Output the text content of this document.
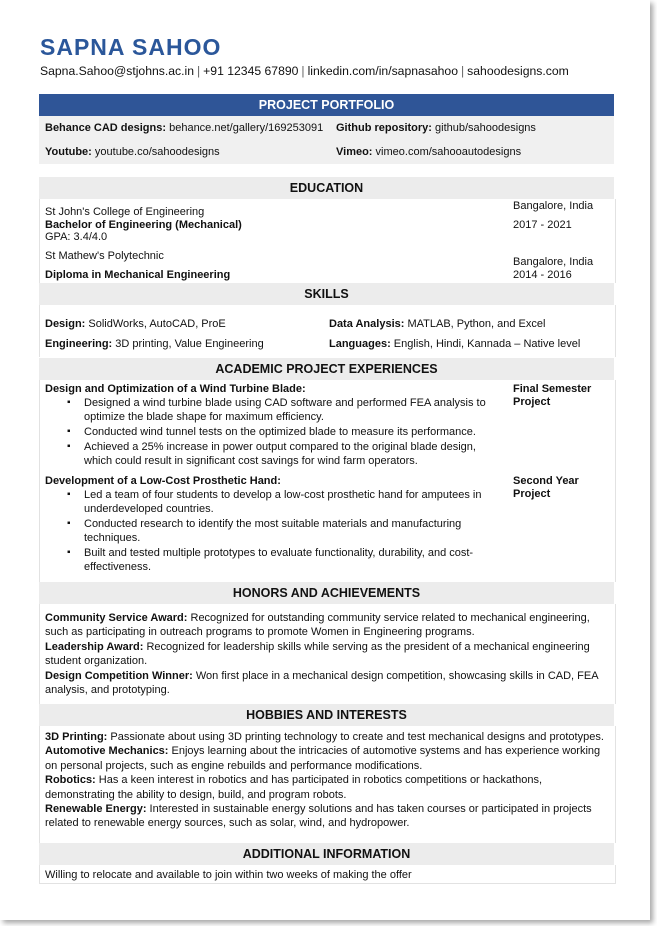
SAPNA SAHOO
Sapna.Sahoo@stjohns.ac.in | +91 12345 67890 | linkedin.com/in/sapnasahoo | sahoodesigns.com
PROJECT PORTFOLIO
Behance CAD designs: behance.net/gallery/169253091 Github repository: github/sahoodesigns
Youtube: youtube.co/sahoodesigns	Vimeo: vimeo.com/sahooautodesigns
EDUCATION
St John's College of Engineering
Bachelor of Engineering (Mechanical)
GPA: 3.4/4.0
Bangalore, India
2017 - 2021
St Mathew's Polytechnic
Diploma in Mechanical Engineering
Bangalore, India
2014 - 2016
SKILLS
Design: SolidWorks, AutoCAD, ProE	Data Analysis: MATLAB, Python, and Excel
Engineering: 3D printing, Value Engineering	Languages: English, Hindi, Kannada – Native level
ACADEMIC PROJECT EXPERIENCES
Design and Optimization of a Wind Turbine Blade:	Final Semester Project
▪ Designed a wind turbine blade using CAD software and performed FEA analysis to optimize the blade shape for maximum efficiency.
▪ Conducted wind tunnel tests on the optimized blade to measure its performance.
▪ Achieved a 25% increase in power output compared to the original blade design, which could result in significant cost savings for wind farm operators.
Development of a Low-Cost Prosthetic Hand:	Second Year Project
▪ Led a team of four students to develop a low-cost prosthetic hand for amputees in underdeveloped countries.
▪ Conducted research to identify the most suitable materials and manufacturing techniques.
▪ Built and tested multiple prototypes to evaluate functionality, durability, and cost-effectiveness.
HONORS AND ACHIEVEMENTS
Community Service Award: Recognized for outstanding community service related to mechanical engineering, such as participating in outreach programs to promote Women in Engineering programs.
Leadership Award: Recognized for leadership skills while serving as the president of a mechanical engineering student organization.
Design Competition Winner: Won first place in a mechanical design competition, showcasing skills in CAD, FEA analysis, and prototyping.
HOBBIES AND INTERESTS
3D Printing: Passionate about using 3D printing technology to create and test mechanical designs and prototypes.
Automotive Mechanics: Enjoys learning about the intricacies of automotive systems and has experience working on personal projects, such as engine rebuilds and performance modifications.
Robotics: Has a keen interest in robotics and has participated in robotics competitions or hackathons, demonstrating the ability to design, build, and program robots.
Renewable Energy: Interested in sustainable energy solutions and has taken courses or participated in projects related to renewable energy sources, such as solar, wind, and hydropower.
ADDITIONAL INFORMATION
Willing to relocate and available to join within two weeks of making the offer
